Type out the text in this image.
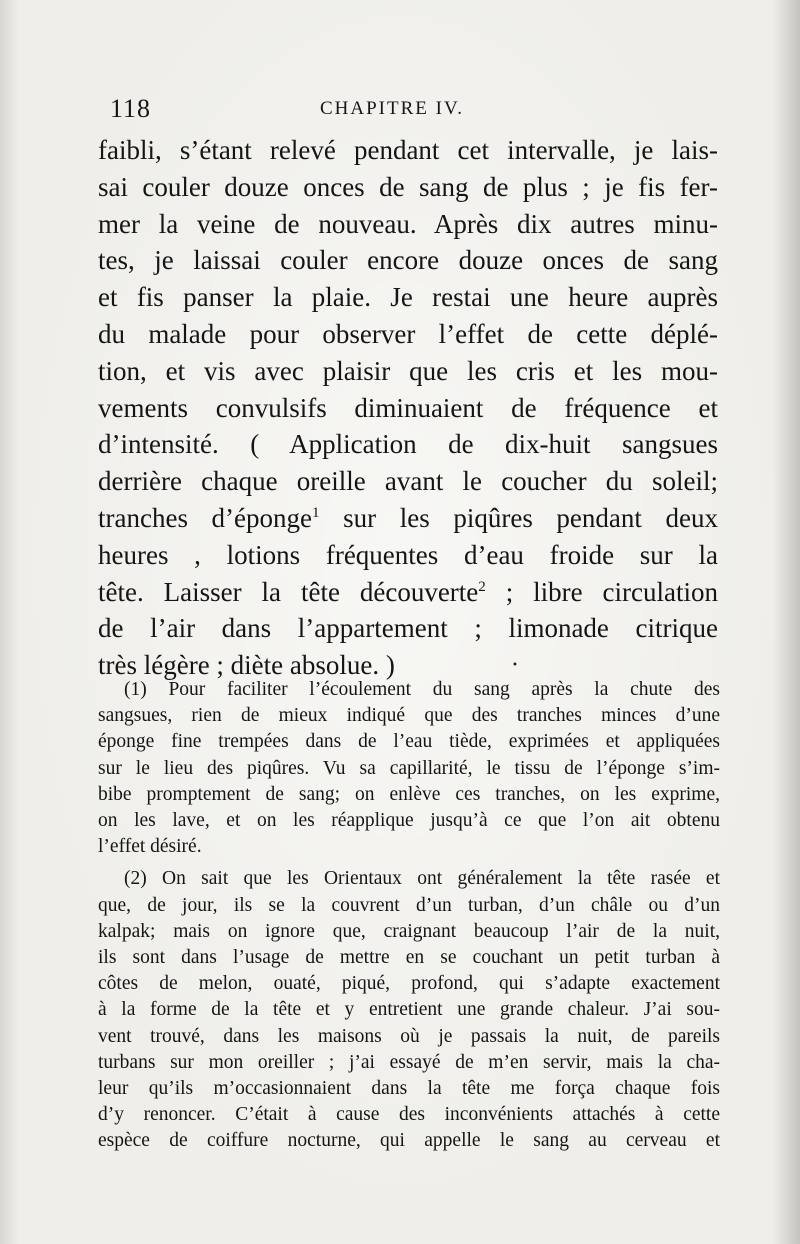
118	CHAPITRE IV.
faibli, s’étant relevé pendant cet intervalle, je lais-
sai couler douze onces de sang de plus ; je fis fer-
mer la veine de nouveau. Après dix autres minu-
tes, je laissai couler encore douze onces de sang
et fis panser la plaie. Je restai une heure auprès
du malade pour observer l’effet de cette déplé-
tion, et vis avec plaisir que les cris et les mou-
vements convulsifs diminuaient de fréquence et
d’intensité. ( Application de dix-huit sangsues
derrière chaque oreille avant le coucher du soleil;
tranches d’éponge$^1$ sur les piqûres pendant deux
heures , lotions fréquentes d’eau froide sur la
tête. Laisser la tête découverte$^2$ ; libre circulation
de l’air dans l’appartement ; limonade citrique
très légère ; diète absolue. )	•
(1) Pour faciliter l’écoulement du sang après la chute des
sangsues, rien de mieux indiqué que des tranches minces d’une
éponge fine trempées dans de l’eau tiède, exprimées et appliquées
sur le lieu des piqûres. Vu sa capillarité, le tissu de l’éponge s’im-
bibe promptement de sang; on enlève ces tranches, on les exprime,
on les lave, et on les réapplique jusqu’à ce que l’on ait obtenu
l’effet désiré.
(2) On sait que les Orientaux ont généralement la tête rasée et
que, de jour, ils se la couvrent d’un turban, d’un châle ou d’un
kalpak; mais on ignore que, craignant beaucoup l’air de la nuit,
ils sont dans l’usage de mettre en se couchant un petit turban à
côtes de melon, ouaté, piqué, profond, qui s’adapte exactement
à la forme de la tête et y entretient une grande chaleur. J’ai sou-
vent trouvé, dans les maisons où je passais la nuit, de pareils
turbans sur mon oreiller ; j’ai essayé de m’en servir, mais la cha-
leur qu’ils m’occasionnaient dans la tête me força chaque fois
d’y renoncer. C’était à cause des inconvénients attachés à cette
espèce de coiffure nocturne, qui appelle le sang au cerveau et
